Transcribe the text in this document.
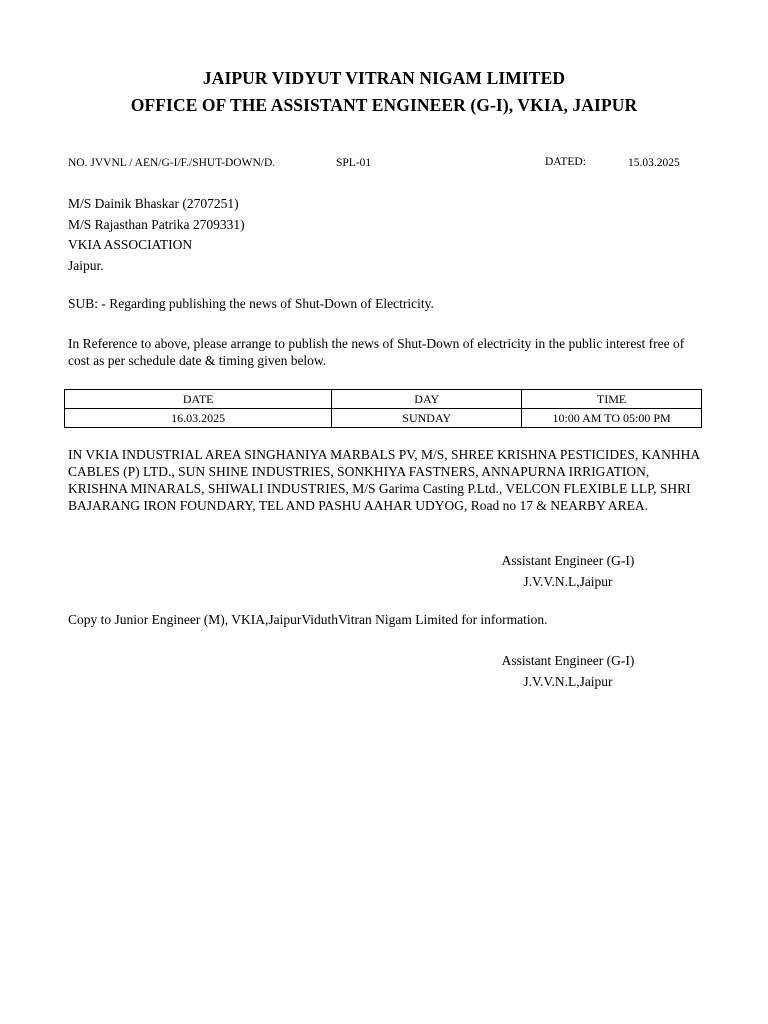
JAIPUR VIDYUT VITRAN NIGAM LIMITED
OFFICE OF THE ASSISTANT ENGINEER (G-I), VKIA, JAIPUR
NO. JVVNL / AEN/G-I/F./SHUT-DOWN/D.	SPL-01	DATED:	15.03.2025
M/S Dainik Bhaskar (2707251)
M/S Rajasthan Patrika 2709331)
VKIA ASSOCIATION
Jaipur.
SUB: - Regarding publishing the news of Shut-Down of Electricity.
In Reference to above, please arrange to publish the news of Shut-Down of electricity in the public interest free of cost as per schedule date & timing given below.
DATE	DAY	TIME
16.03.2025	SUNDAY	10:00 AM TO 05:00 PM
IN VKIA INDUSTRIAL AREA SINGHANIYA MARBALS PV, M/S, SHREE KRISHNA PESTICIDES, KANHHA CABLES (P) LTD., SUN SHINE INDUSTRIES, SONKHIYA FASTNERS, ANNAPURNA IRRIGATION, KRISHNA MINARALS, SHIWALI INDUSTRIES, M/S Garima Casting P.Ltd., VELCON FLEXIBLE LLP, SHRI BAJARANG IRON FOUNDARY, TEL AND PASHU AAHAR UDYOG, Road no 17 & NEARBY AREA.
Assistant Engineer (G-I)
J.V.V.N.L,Jaipur
Copy to Junior Engineer (M), VKIA,JaipurViduthVitran Nigam Limited for information.
Assistant Engineer (G-I)
J.V.V.N.L,Jaipur
